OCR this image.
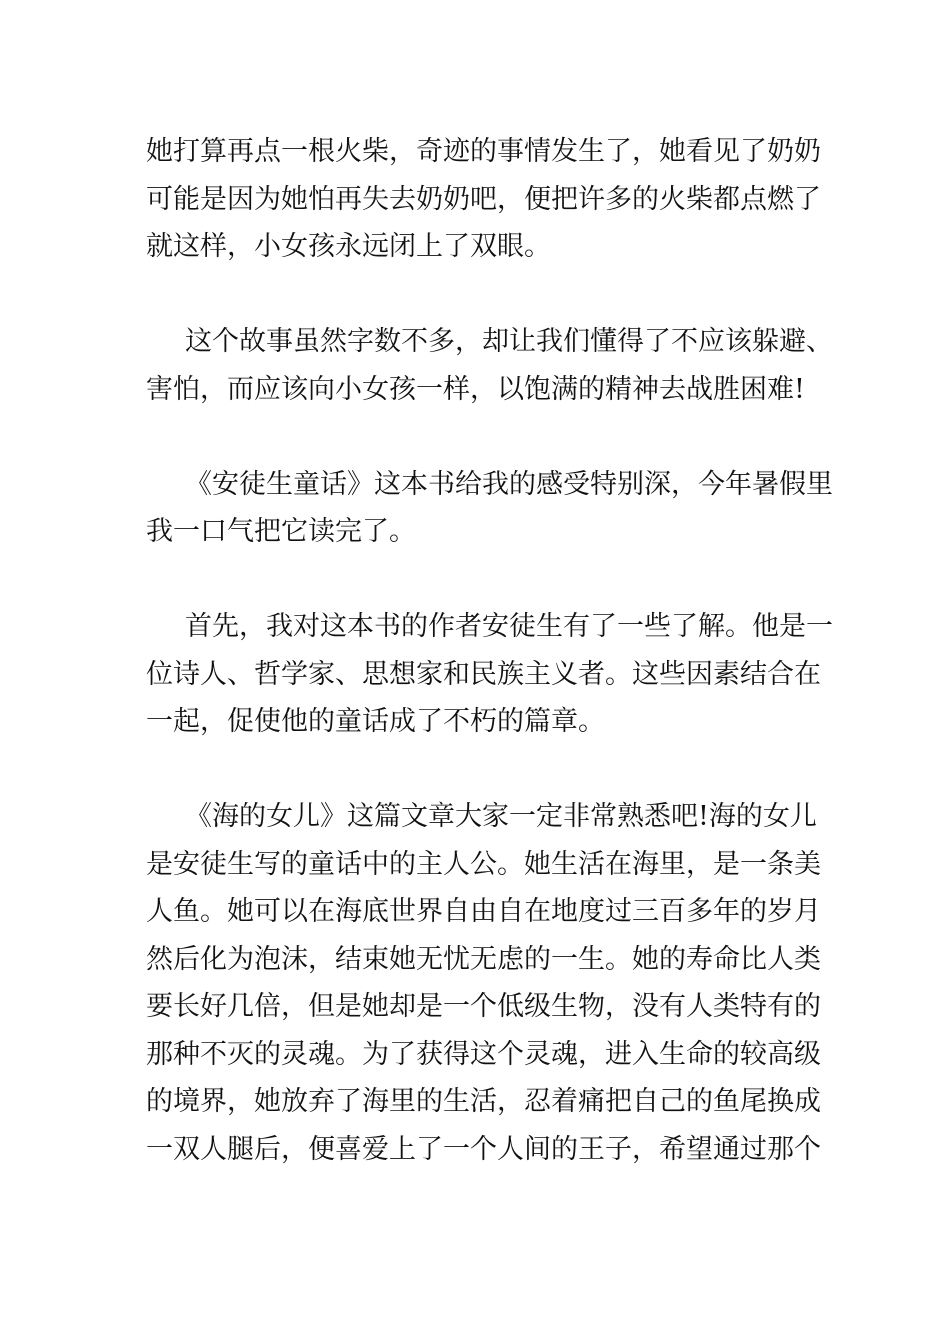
她打算再点一根火柴，奇迹的事情发生了，她看见了奶奶
可能是因为她怕再失去奶奶吧，便把许多的火柴都点燃了
就这样，小女孩永远闭上了双眼。
这个故事虽然字数不多，却让我们懂得了不应该躲避、
害怕，而应该向小女孩一样，以饱满的精神去战胜困难!
《安徒生童话》这本书给我的感受特别深，今年暑假里
我一口气把它读完了。
首先，我对这本书的作者安徒生有了一些了解。他是一
位诗人、哲学家、思想家和民族主义者。这些因素结合在
一起，促使他的童话成了不朽的篇章。
《海的女儿》这篇文章大家一定非常熟悉吧!海的女儿
是安徒生写的童话中的主人公。她生活在海里，是一条美
人鱼。她可以在海底世界自由自在地度过三百多年的岁月
然后化为泡沫，结束她无忧无虑的一生。她的寿命比人类
要长好几倍，但是她却是一个低级生物，没有人类特有的
那种不灭的灵魂。为了获得这个灵魂，进入生命的较高级
的境界，她放弃了海里的生活，忍着痛把自己的鱼尾换成
一双人腿后，便喜爱上了一个人间的王子，希望通过那个
